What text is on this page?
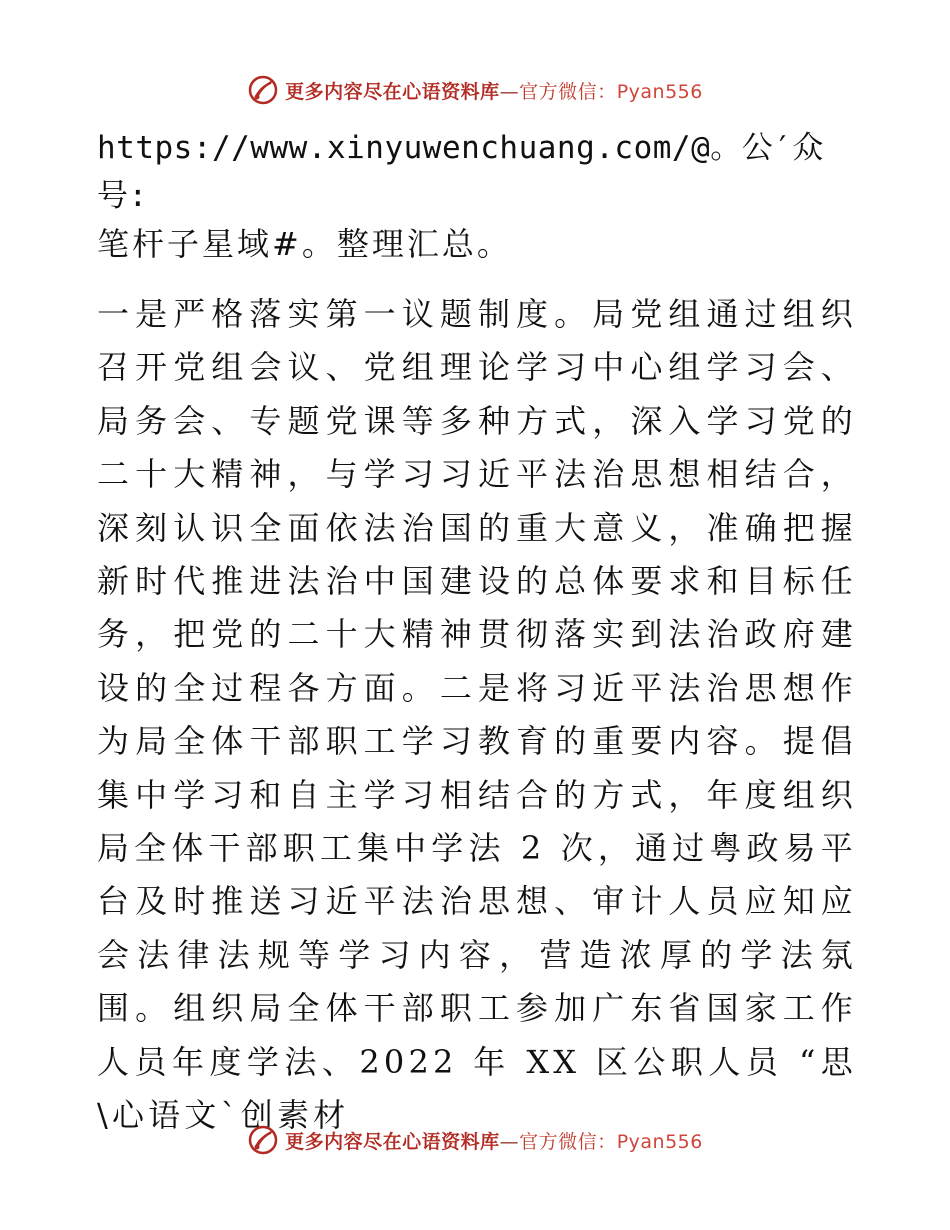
更多内容尽在心语资料库—官方微信：Pyan556
https://www.xinyuwenchuang.com/@。公′众号:
笔杆子星域#。整理汇总。

一是严格落实第一议题制度。局党组通过组织召开党组会议、党组理论学习中心组学习会、局务会、专题党课等多种方式，深入学习党的二十大精神，与学习习近平法治思想相结合，深刻认识全面依法治国的重大意义，准确把握新时代推进法治中国建设的总体要求和目标任务，把党的二十大精神贯彻落实到法治政府建设的全过程各方面。二是将习近平法治思想作为局全体干部职工学习教育的重要内容。提倡集中学习和自主学习相结合的方式，年度组织局全体干部职工集中学法 2 次，通过粤政易平台及时推送习近平法治思想、审计人员应知应会法律法规等学习内容，营造浓厚的学法氛围。组织局全体干部职工参加广东省国家工作人员年度学法、2022 年 XX 区公职人员 “思\心语文`创素材

更多内容尽在心语资料库—官方微信：Pyan556
